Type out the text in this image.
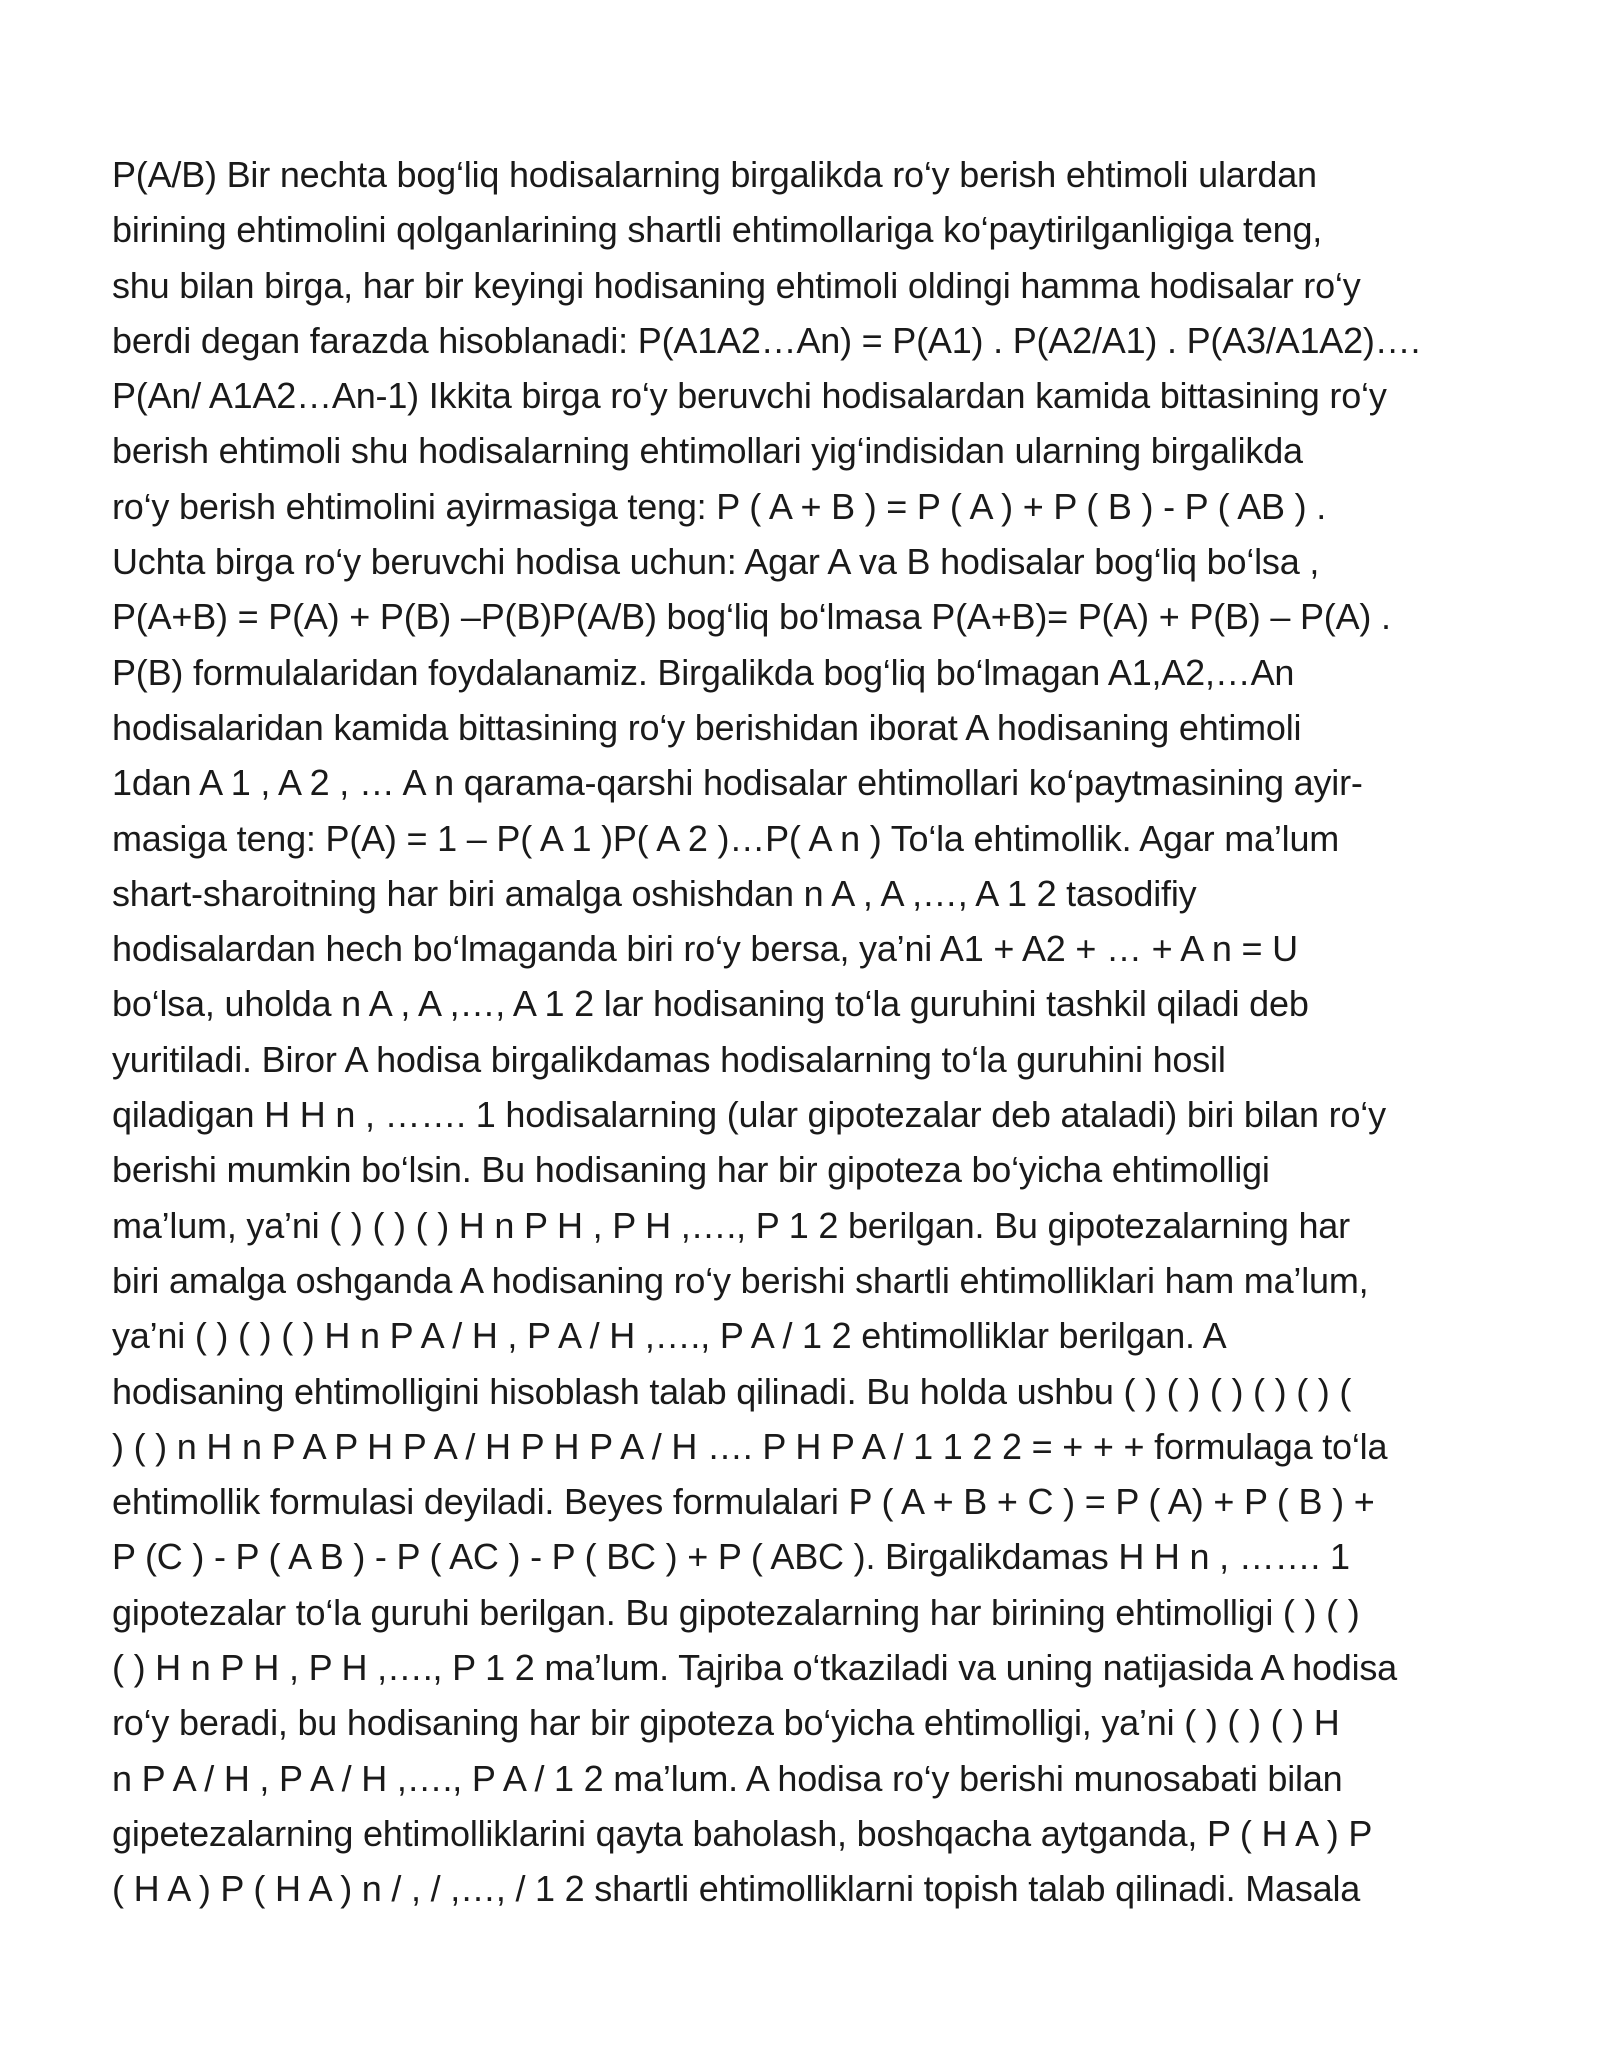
P(A/B) Bir nechta bog‘liq hodisalarning birgalikda ro‘y berish ehtimoli ulardan
birining ehtimolini qolganlarining shartli ehtimollariga ko‘paytirilganligiga teng,
shu bilan birga, har bir keyingi hodisaning ehtimoli oldingi hamma hodisalar ro‘y
berdi degan farazda hisoblanadi: P(A1A2…An) = P(A1) . P(A2/A1) . P(A3/A1A2)….
P(An/ A1A2…An-1) Ikkita birga ro‘y beruvchi hodisalardan kamida bittasining ro‘y
berish ehtimoli shu hodisalarning ehtimollari yig‘indisidan ularning birgalikda
ro‘y berish ehtimolini ayirmasiga teng: P ( A + B ) = P ( A ) + P ( B ) - P ( AB ) .
Uchta birga ro‘y beruvchi hodisa uchun: Agar A va B hodisalar bog‘liq bo‘lsa ,
P(A+B) = P(A) + P(B) –P(B)P(A/B) bog‘liq bo‘lmasa P(A+B)= P(A) + P(B) – P(A) .
P(B) formulalaridan foydalanamiz. Birgalikda bog‘liq bo‘lmagan A1,A2,…An
hodisalaridan kamida bittasining ro‘y berishidan iborat A hodisaning ehtimoli
1dan A 1 , A 2 , … A n qarama-qarshi hodisalar ehtimollari ko‘paytmasining ayir-
masiga teng: P(A) = 1 – P( A 1 )P( A 2 )…P( A n ) To‘la ehtimollik. Agar ma’lum
shart-sharoitning har biri amalga oshishdan n A , A ,…, A 1 2 tasodifiy
hodisalardan hech bo‘lmaganda biri ro‘y bersa, ya’ni A1 + A2 + … + A n = U
bo‘lsa, uholda n A , A ,…, A 1 2 lar hodisaning to‘la guruhini tashkil qiladi deb
yuritiladi. Biror A hodisa birgalikdamas hodisalarning to‘la guruhini hosil
qiladigan H H n , ……. 1 hodisalarning (ular gipotezalar deb ataladi) biri bilan ro‘y
berishi mumkin bo‘lsin. Bu hodisaning har bir gipoteza bo‘yicha ehtimolligi
ma’lum, ya’ni ( ) ( ) ( ) H n P H , P H ,…., P 1 2 berilgan. Bu gipotezalarning har
biri amalga oshganda A hodisaning ro‘y berishi shartli ehtimolliklari ham ma’lum,
ya’ni ( ) ( ) ( ) H n P A / H , P A / H ,…., P A / 1 2 ehtimolliklar berilgan. A
hodisaning ehtimolligini hisoblash talab qilinadi. Bu holda ushbu ( ) ( ) ( ) ( ) ( ) (
) ( ) n H n P A P H P A / H P H P A / H …. P H P A / 1 1 2 2 = + + + formulaga to‘la
ehtimollik formulasi deyiladi. Beyes formulalari P ( A + B + C ) = P ( A) + P ( B ) +
P (C ) - P ( A B ) - P ( AC ) - P ( BC ) + P ( ABC ). Birgalikdamas H H n , ……. 1
gipotezalar to‘la guruhi berilgan. Bu gipotezalarning har birining ehtimolligi ( ) ( )
( ) H n P H , P H ,…., P 1 2 ma’lum. Tajriba o‘tkaziladi va uning natijasida A hodisa
ro‘y beradi, bu hodisaning har bir gipoteza bo‘yicha ehtimolligi, ya’ni ( ) ( ) ( ) H
n P A / H , P A / H ,…., P A / 1 2 ma’lum. A hodisa ro‘y berishi munosabati bilan
gipetezalarning ehtimolliklarini qayta baholash, boshqacha aytganda, P ( H A ) P
( H A ) P ( H A ) n / , / ,…, / 1 2 shartli ehtimolliklarni topish talab qilinadi. Masala
